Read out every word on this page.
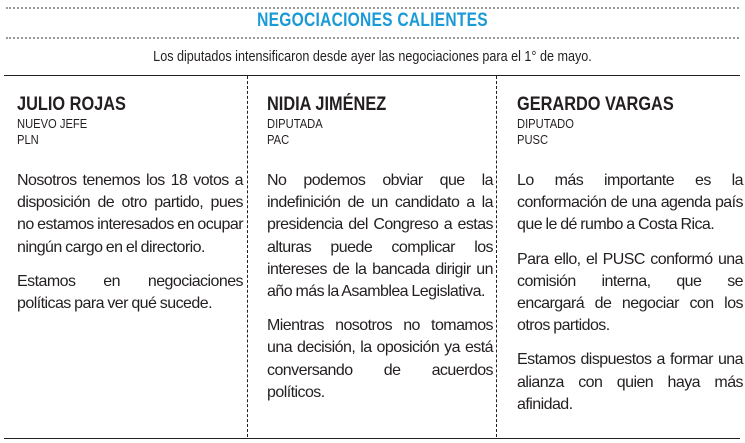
NEGOCIACIONES CALIENTES
Los diputados intensificaron desde ayer las negociaciones para el 1° de mayo.

JULIO ROJAS

NUEVO JEFE

PLN

Nosotros tenemos los 18 votos a disposición de otro partido, pues no estamos interesados en ocupar ningún cargo en el directorio.

Estamos en negociaciones políticas para ver qué sucede.

NIDIA JIMÉNEZ

DIPUTADA

PAC

No podemos obviar que la indefinición de un candidato a la presidencia del Congreso a estas alturas puede complicar los intereses de la bancada dirigir un año más la Asamblea Legislativa.

Mientras nosotros no tomamos una decisión, la oposición ya está conversando de acuerdos políticos.

GERARDO VARGAS

DIPUTADO

PUSC

Lo más importante es la conformación de una agenda país que le dé rumbo a Costa Rica.

Para ello, el PUSC conformó una comisión interna, que se encargará de negociar con los otros partidos.

Estamos dispuestos a formar una alianza con quien haya más afinidad.
